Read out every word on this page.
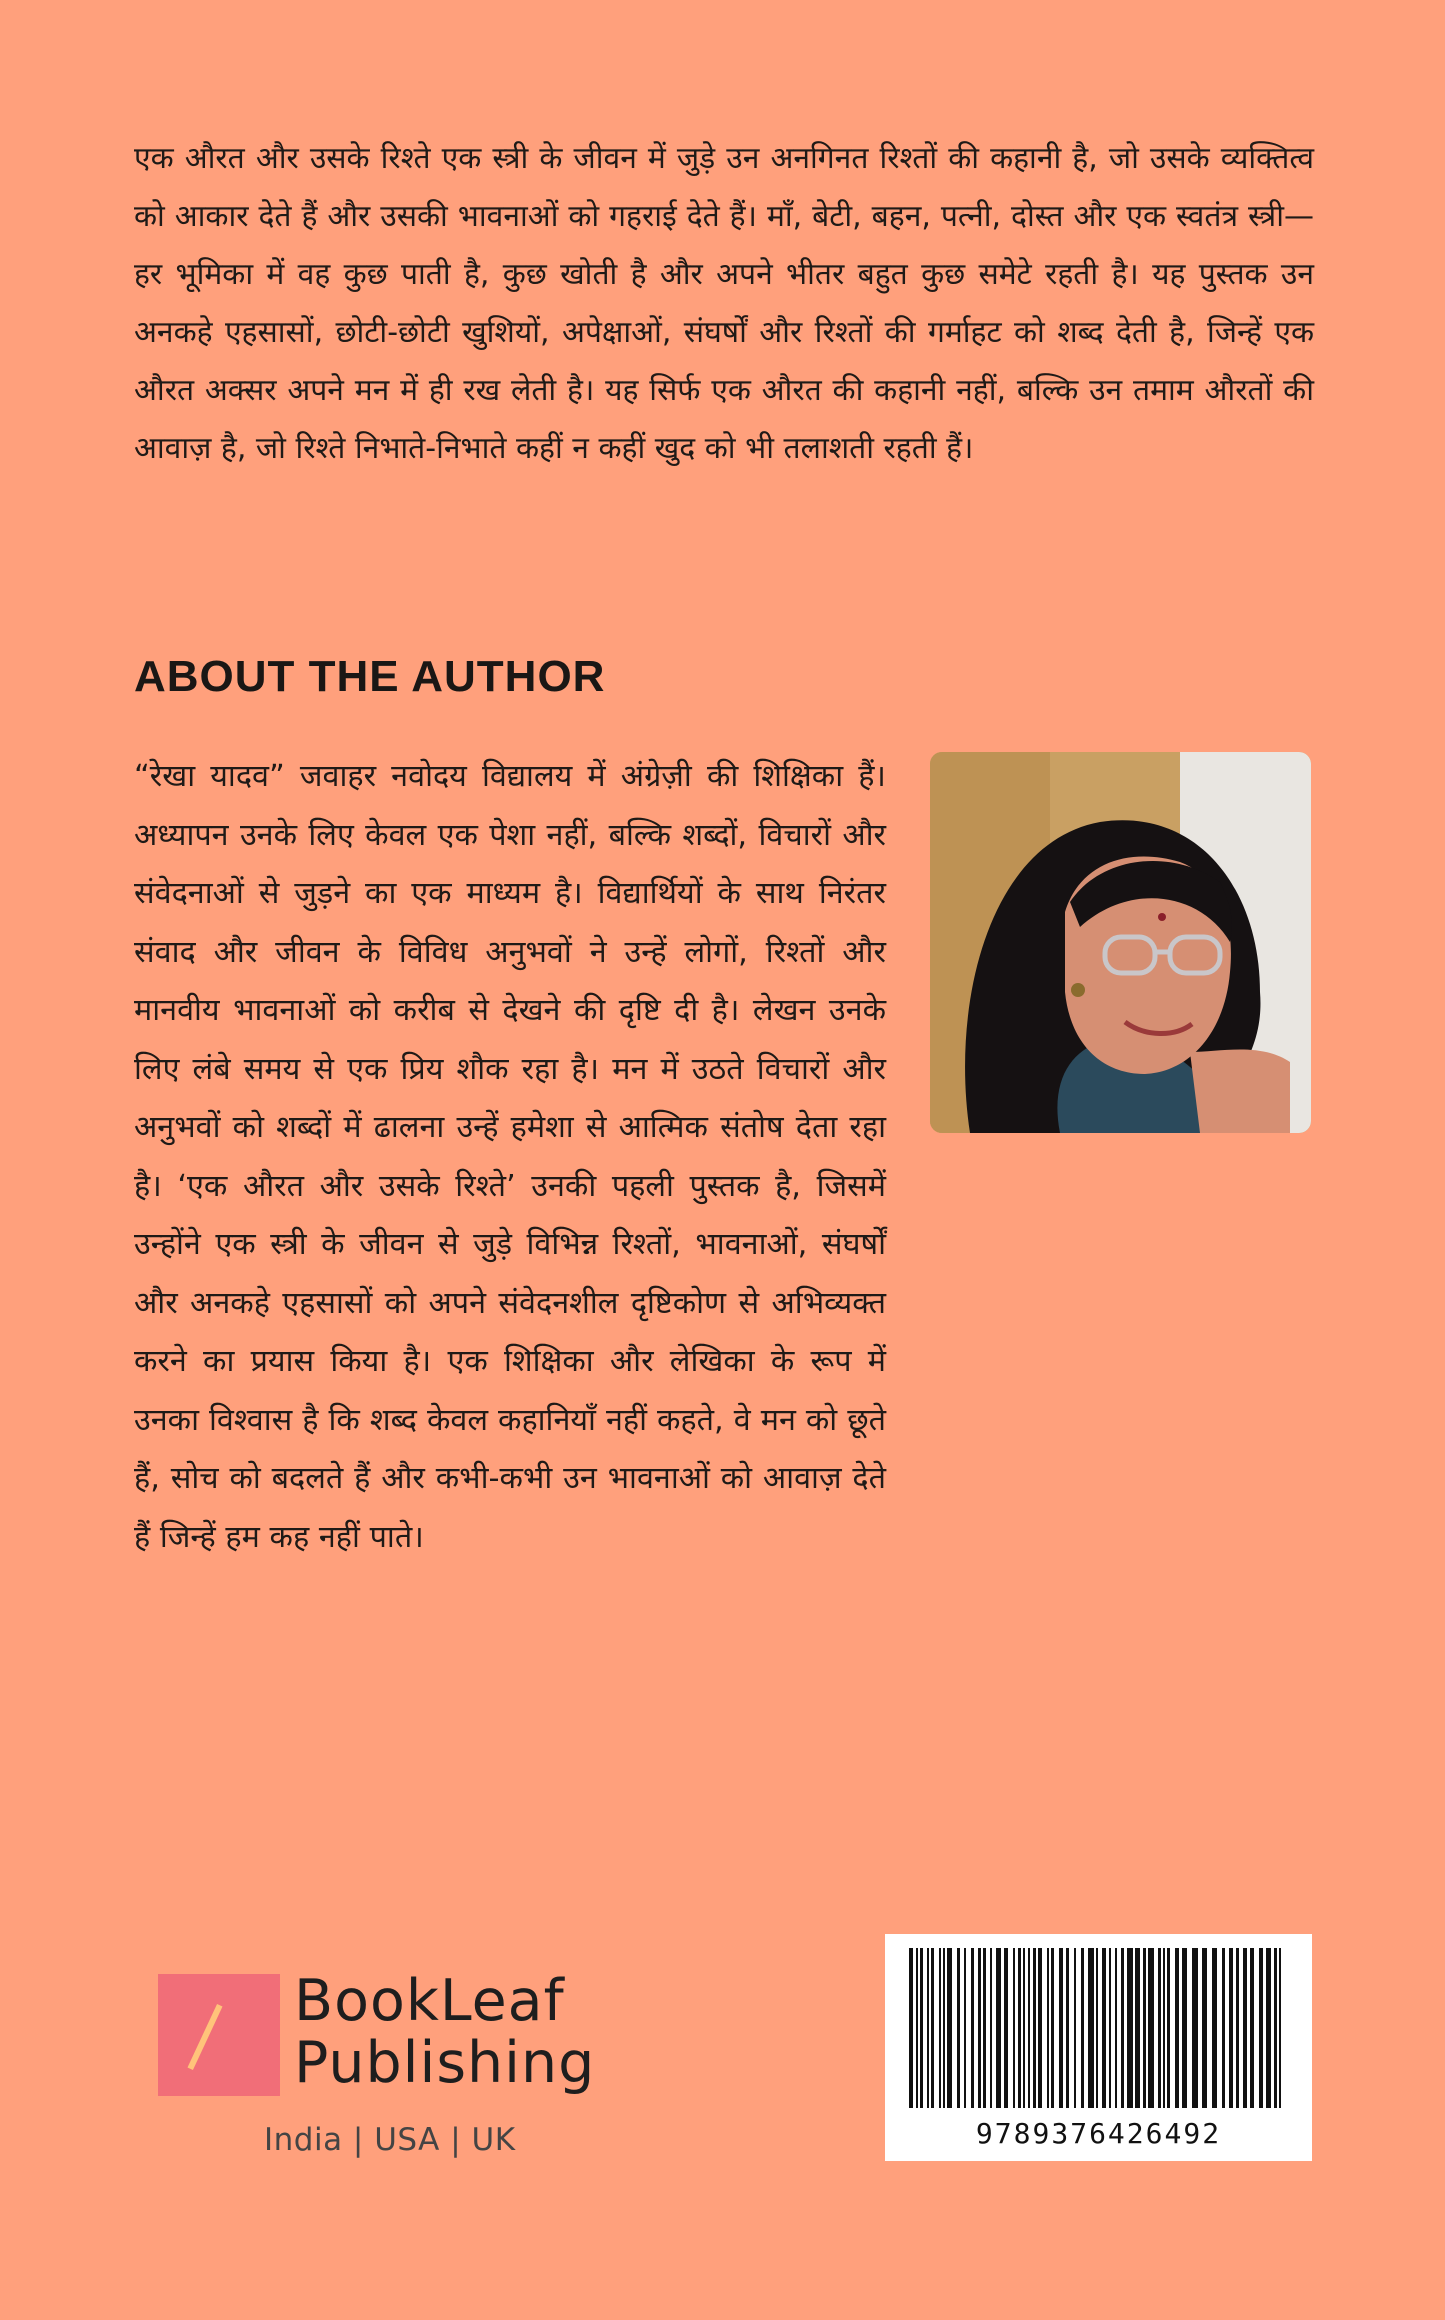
एक औरत और उसके रिश्ते एक स्त्री के जीवन में जुड़े उन अनगिनत रिश्तों की कहानी है, जो उसके व्यक्तित्व को आकार देते हैं और उसकी भावनाओं को गहराई देते हैं। माँ, बेटी, बहन, पत्नी, दोस्त और एक स्वतंत्र स्त्री—हर भूमिका में वह कुछ पाती है, कुछ खोती है और अपने भीतर बहुत कुछ समेटे रहती है। यह पुस्तक उन अनकहे एहसासों, छोटी-छोटी खुशियों, अपेक्षाओं, संघर्षों और रिश्तों की गर्माहट को शब्द देती है, जिन्हें एक औरत अक्सर अपने मन में ही रख लेती है। यह सिर्फ एक औरत की कहानी नहीं, बल्कि उन तमाम औरतों की आवाज़ है, जो रिश्ते निभाते-निभाते कहीं न कहीं खुद को भी तलाशती रहती हैं।
ABOUT THE AUTHOR
“रेखा यादव” जवाहर नवोदय विद्यालय में अंग्रेज़ी की शिक्षिका हैं। अध्यापन उनके लिए केवल एक पेशा नहीं, बल्कि शब्दों, विचारों और संवेदनाओं से जुड़ने का एक माध्यम है। विद्यार्थियों के साथ निरंतर संवाद और जीवन के विविध अनुभवों ने उन्हें लोगों, रिश्तों और मानवीय भावनाओं को करीब से देखने की दृष्टि दी है। लेखन उनके लिए लंबे समय से एक प्रिय शौक रहा है। मन में उठते विचारों और अनुभवों को शब्दों में ढालना उन्हें हमेशा से आत्मिक संतोष देता रहा है। ‘एक औरत और उसके रिश्ते’ उनकी पहली पुस्तक है, जिसमें उन्होंने एक स्त्री के जीवन से जुड़े विभिन्न रिश्तों, भावनाओं, संघर्षों और अनकहे एहसासों को अपने संवेदनशील दृष्टिकोण से अभिव्यक्त करने का प्रयास किया है। एक शिक्षिका और लेखिका के रूप में उनका विश्वास है कि शब्द केवल कहानियाँ नहीं कहते, वे मन को छूते हैं, सोच को बदलते हैं और कभी-कभी उन भावनाओं को आवाज़ देते हैं जिन्हें हम कह नहीं पाते।
BookLeaf
Publishing
India | USA | UK	9789376426492
